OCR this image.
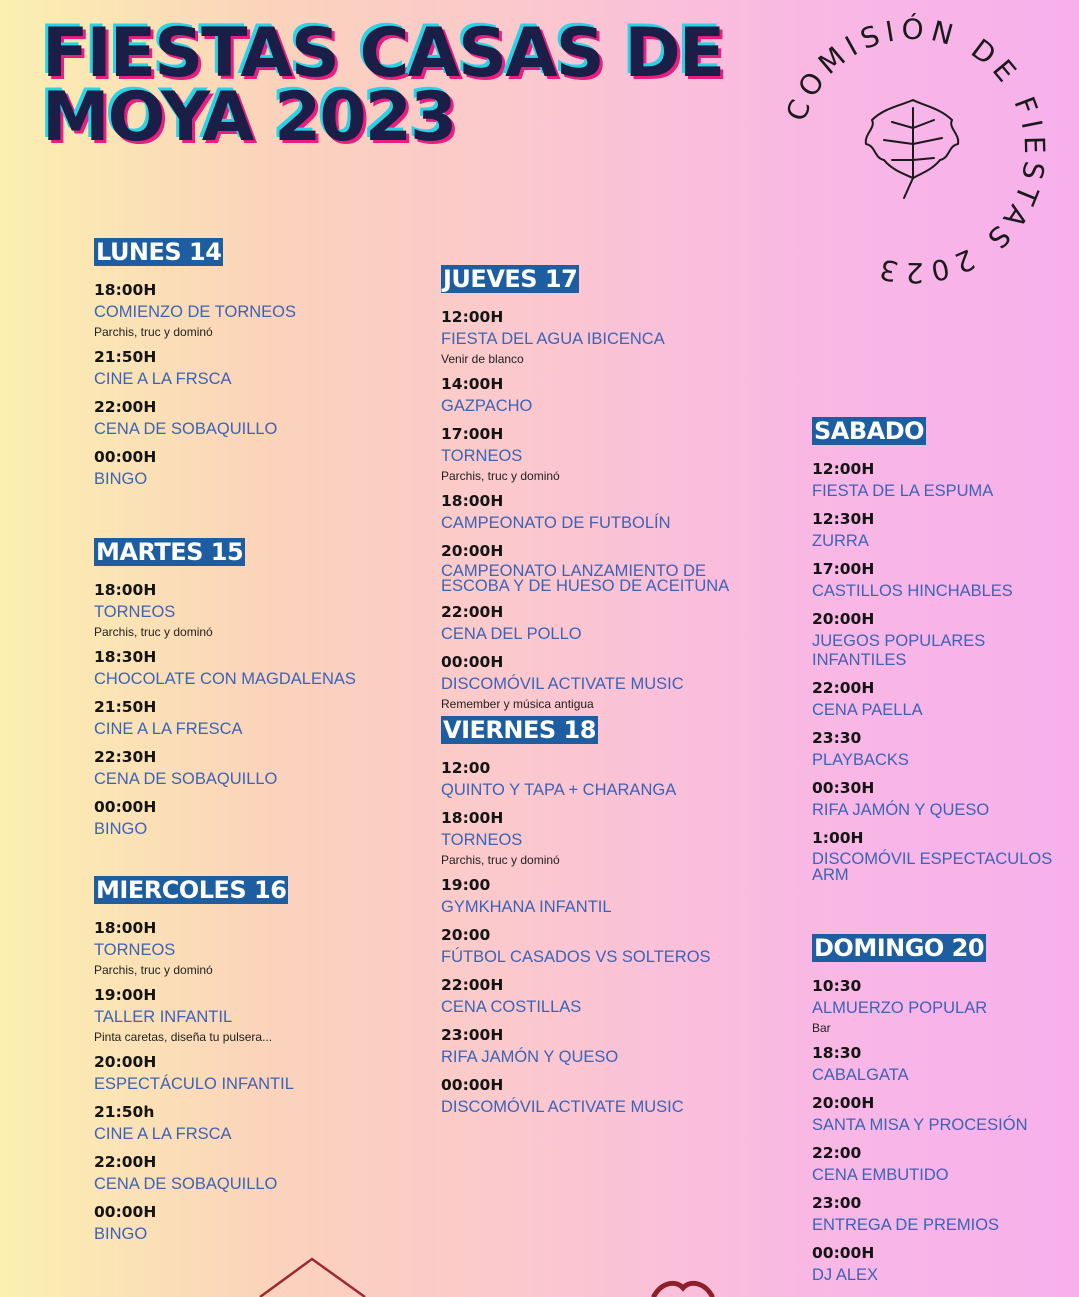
FIESTAS CASAS DE
MOYA 2023	COMISIÓN DE FIESTAS 2023
LUNES 14
18:00H
COMIENZO DE TORNEOS
Parchis, truc y dominó
21:50H
CINE A LA FRSCA
22:00H
CENA DE SOBAQUILLO
00:00H
BINGO
MARTES 15
18:00H
TORNEOS
Parchis, truc y dominó
18:30H
CHOCOLATE CON MAGDALENAS
21:50H
CINE A LA FRESCA
22:30H
CENA DE SOBAQUILLO
00:00H
BINGO
MIERCOLES 16
18:00H
TORNEOS
Parchis, truc y dominó
19:00H
TALLER INFANTIL
Pinta caretas, diseña tu pulsera...
20:00H
ESPECTÁCULO INFANTIL
21:50h
CINE A LA FRSCA
22:00H
CENA DE SOBAQUILLO
00:00H
BINGO
JUEVES 17
12:00H
FIESTA DEL AGUA IBICENCA
Venir de blanco
14:00H
GAZPACHO
17:00H
TORNEOS
Parchis, truc y dominó
18:00H
CAMPEONATO DE FUTBOLÍN
20:00H
CAMPEONATO LANZAMIENTO DE ESCOBA Y DE HUESO DE ACEITUNA
22:00H
CENA DEL POLLO
00:00H
DISCOMÓVIL ACTIVATE MUSIC
Remember y música antigua
VIERNES 18
12:00
QUINTO Y TAPA + CHARANGA
18:00H
TORNEOS
Parchis, truc y dominó
19:00
GYMKHANA INFANTIL
20:00
FÚTBOL CASADOS VS SOLTEROS
22:00H
CENA COSTILLAS
23:00H
RIFA JAMÓN Y QUESO
00:00H
DISCOMÓVIL ACTIVATE MUSIC
SABADO
12:00H
FIESTA DE LA ESPUMA
12:30H
ZURRA
17:00H
CASTILLOS HINCHABLES
20:00H
JUEGOS POPULARES INFANTILES
22:00H
CENA PAELLA
23:30
PLAYBACKS
00:30H
RIFA JAMÓN Y QUESO
1:00H
DISCOMÓVIL ESPECTACULOS ARM
DOMINGO 20
10:30
ALMUERZO POPULAR
Bar
18:30
CABALGATA
20:00H
SANTA MISA Y PROCESIÓN
22:00
CENA EMBUTIDO
23:00
ENTREGA DE PREMIOS
00:00H
DJ ALEX
